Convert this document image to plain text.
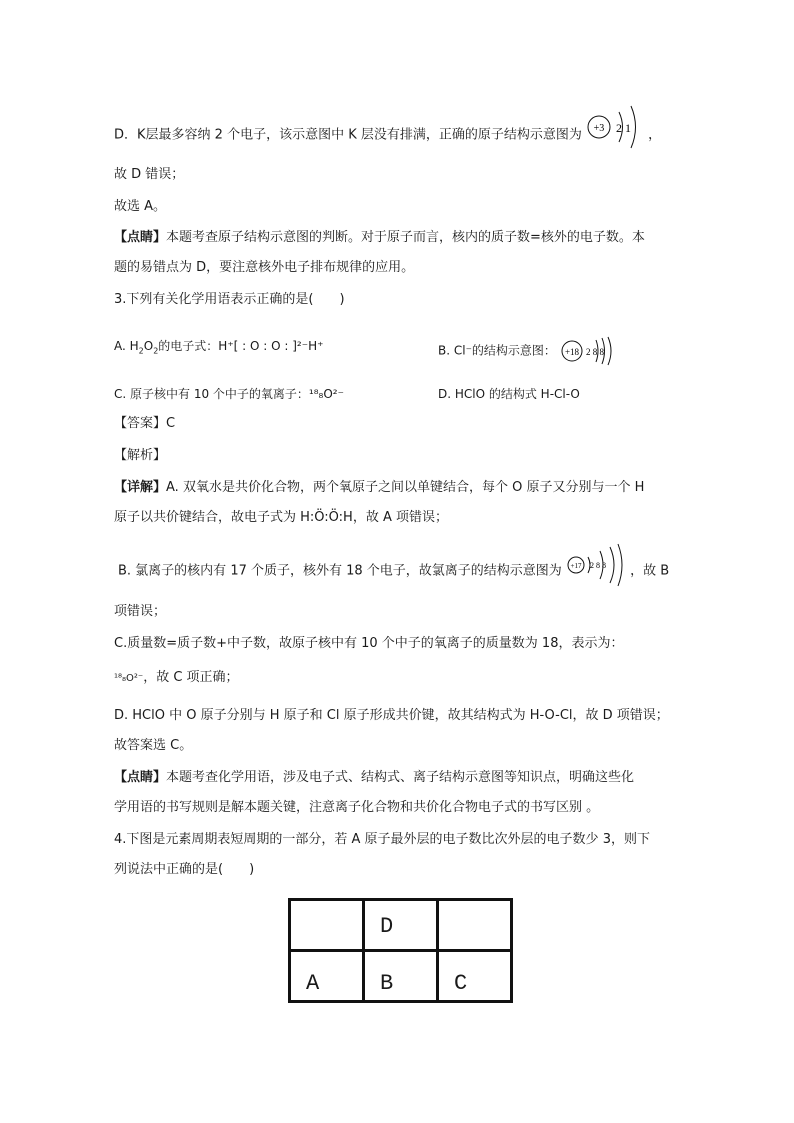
D．K层最多容纳 2 个电子，该示意图中 K 层没有排满，正确的原子结构示意图为 +3 2 1 ，
故 D 错误；
故选 A。
【点睛】本题考查原子结构示意图的判断。对于原子而言，核内的质子数=核外的电子数。本
题的易错点为 D，要注意核外电子排布规律的应用。
3.下列有关化学用语表示正确的是(　　)
A. $H_2O_2$的电子式：H⁺[ : O : O : ]²⁻H⁺	B. Cl⁻的结构示意图： +18 2 8 8
C. 原子核中有 10 个中子的氧离子：¹⁸₈O²⁻	D. HClO 的结构式 H-Cl-O
【答案】C
【解析】
【详解】A. 双氧水是共价化合物，两个氧原子之间以单键结合，每个 O 原子又分别与一个 H
原子以共价键结合，故电子式为 H:Ö:Ö:H，故 A 项错误；
B. 氯离子的核内有 17 个质子，核外有 18 个电子，故氯离子的结构示意图为 +17 2 8 8 ，故 B
项错误；
C.质量数=质子数+中子数，故原子核中有 10 个中子的氧离子的质量数为 18，表示为：
¹⁸₈O²⁻，故 C 项正确；
D. HClO 中 O 原子分别与 H 原子和 Cl 原子形成共价键，故其结构式为 H-O-Cl，故 D 项错误；
故答案选 C。
【点睛】本题考查化学用语，涉及电子式、结构式、离子结构示意图等知识点，明确这些化
学用语的书写规则是解本题关键，注意离子化合物和共价化合物电子式的书写区别 。
4.下图是元素周期表短周期的一部分，若 A 原子最外层的电子数比次外层的电子数少 3，则下
列说法中正确的是(　　)

	D	

A	B	C
